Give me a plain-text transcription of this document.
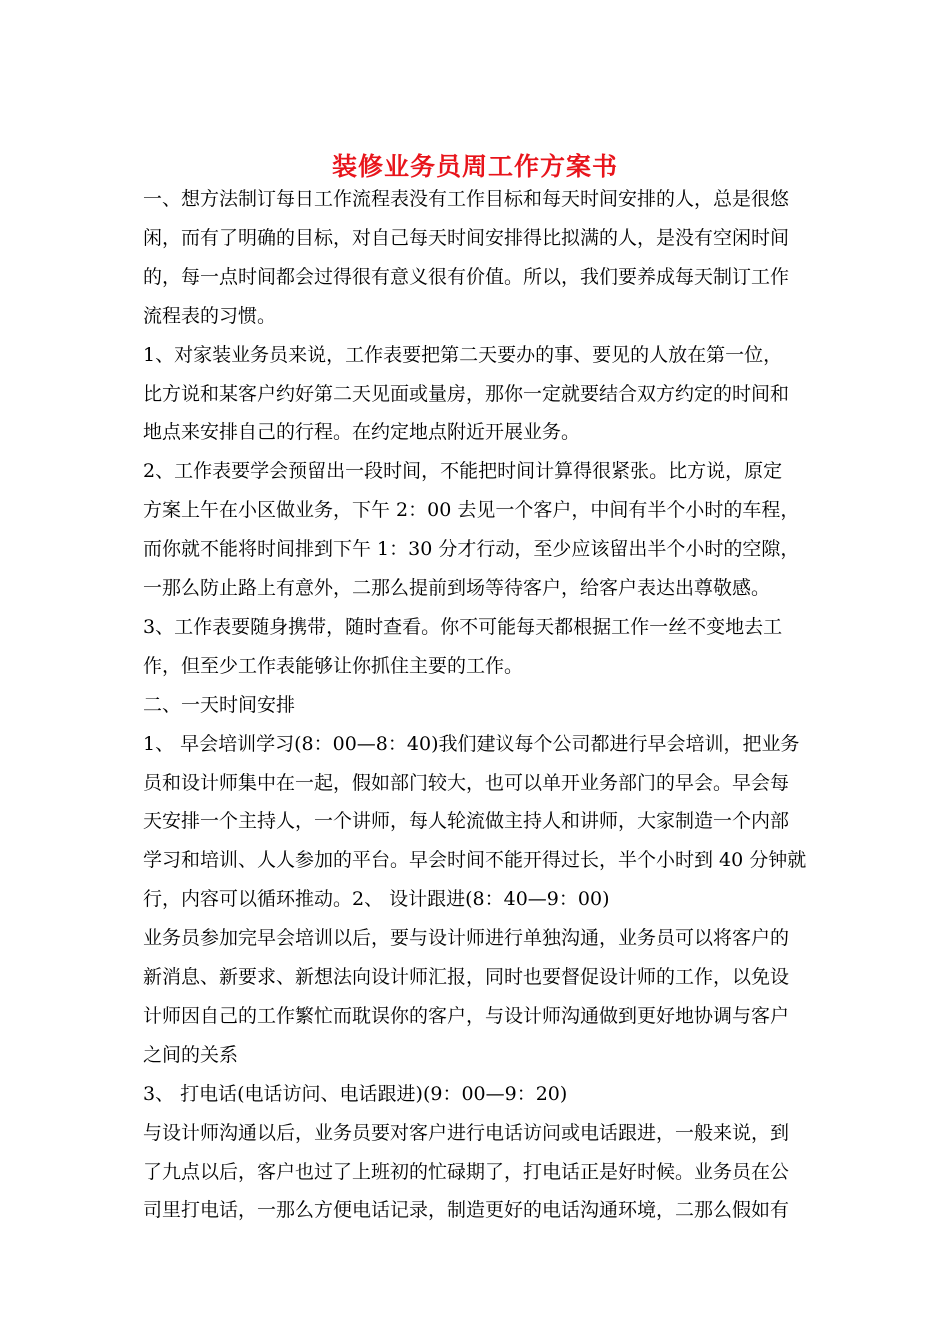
装修业务员周工作方案书
一、想方法制订每日工作流程表没有工作目标和每天时间安排的人，总是很悠
闲，而有了明确的目标，对自己每天时间安排得比拟满的人，是没有空闲时间
的，每一点时间都会过得很有意义很有价值。所以，我们要养成每天制订工作
流程表的习惯。
1、对家装业务员来说，工作表要把第二天要办的事、要见的人放在第一位，
比方说和某客户约好第二天见面或量房，那你一定就要结合双方约定的时间和
地点来安排自己的行程。在约定地点附近开展业务。
2、工作表要学会预留出一段时间，不能把时间计算得很紧张。比方说，原定
方案上午在小区做业务，下午 2：00 去见一个客户，中间有半个小时的车程，
而你就不能将时间排到下午 1：30 分才行动，至少应该留出半个小时的空隙，
一那么防止路上有意外，二那么提前到场等待客户，给客户表达出尊敬感。
3、工作表要随身携带，随时查看。你不可能每天都根据工作一丝不变地去工
作，但至少工作表能够让你抓住主要的工作。
二、一天时间安排
1、 早会培训学习(8：00—8：40)我们建议每个公司都进行早会培训，把业务
员和设计师集中在一起，假如部门较大，也可以单开业务部门的早会。早会每
天安排一个主持人，一个讲师，每人轮流做主持人和讲师，大家制造一个内部
学习和培训、人人参加的平台。早会时间不能开得过长，半个小时到 40 分钟就
行，内容可以循环推动。2、 设计跟进(8：40—9：00)
业务员参加完早会培训以后，要与设计师进行单独沟通，业务员可以将客户的
新消息、新要求、新想法向设计师汇报，同时也要督促设计师的工作，以免设
计师因自己的工作繁忙而耽误你的客户，与设计师沟通做到更好地协调与客户
之间的关系
3、 打电话(电话访问、电话跟进)(9：00—9：20)
与设计师沟通以后，业务员要对客户进行电话访问或电话跟进，一般来说，到
了九点以后，客户也过了上班初的忙碌期了，打电话正是好时候。业务员在公
司里打电话，一那么方便电话记录，制造更好的电话沟通环境，二那么假如有
